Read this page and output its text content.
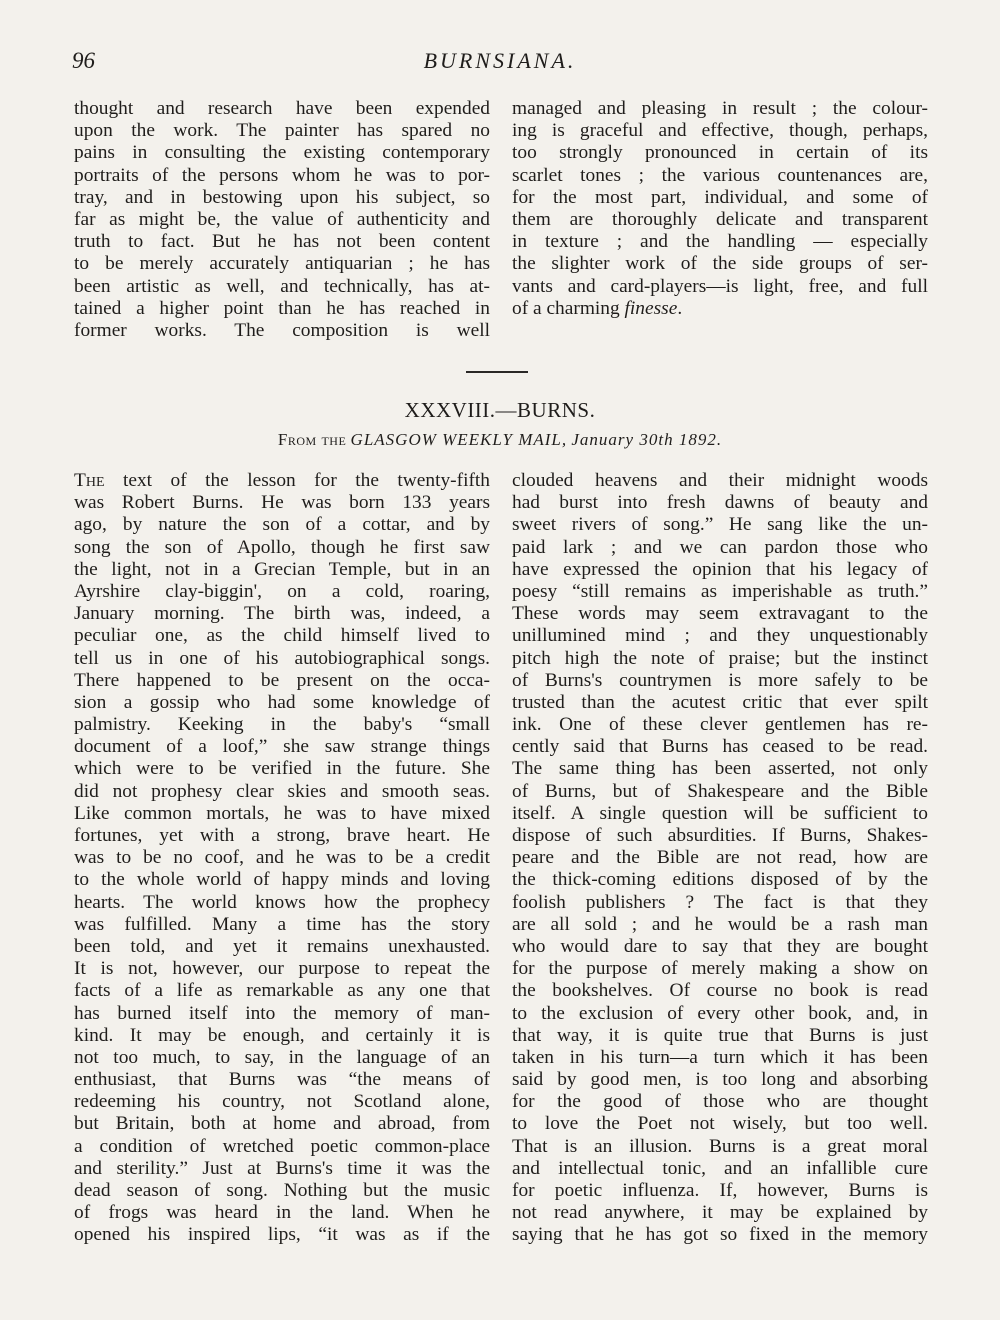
96	BURNSIANA.
thought and research have been expended
upon the work. The painter has spared no
pains in consulting the existing contemporary
portraits of the persons whom he was to por-
tray, and in bestowing upon his subject, so
far as might be, the value of authenticity and
truth to fact. But he has not been content
to be merely accurately antiquarian ; he has
been artistic as well, and technically, has at-
tained a higher point than he has reached in
former works. The composition is well
managed and pleasing in result ; the colour-
ing is graceful and effective, though, perhaps,
too strongly pronounced in certain of its
scarlet tones ; the various countenances are,
for the most part, individual, and some of
them are thoroughly delicate and transparent
in texture ; and the handling — especially
the slighter work of the side groups of ser-
vants and card-players—is light, free, and full
of a charming finesse.
XXXVIII.—BURNS.
From the GLASGOW WEEKLY MAIL, January 30th 1892.
The text of the lesson for the twenty-fifth
was Robert Burns. He was born 133 years
ago, by nature the son of a cottar, and by
song the son of Apollo, though he first saw
the light, not in a Grecian Temple, but in an
Ayrshire clay-biggin', on a cold, roaring,
January morning. The birth was, indeed, a
peculiar one, as the child himself lived to
tell us in one of his autobiographical songs.
There happened to be present on the occa-
sion a gossip who had some knowledge of
palmistry. Keeking in the baby's “small
document of a loof,” she saw strange things
which were to be verified in the future. She
did not prophesy clear skies and smooth seas.
Like common mortals, he was to have mixed
fortunes, yet with a strong, brave heart. He
was to be no coof, and he was to be a credit
to the whole world of happy minds and loving
hearts. The world knows how the prophecy
was fulfilled. Many a time has the story
been told, and yet it remains unexhausted.
It is not, however, our purpose to repeat the
facts of a life as remarkable as any one that
has burned itself into the memory of man-
kind. It may be enough, and certainly it is
not too much, to say, in the language of an
enthusiast, that Burns was “the means of
redeeming his country, not Scotland alone,
but Britain, both at home and abroad, from
a condition of wretched poetic common-place
and sterility.” Just at Burns's time it was the
dead season of song. Nothing but the music
of frogs was heard in the land. When he
opened his inspired lips, “it was as if the
clouded heavens and their midnight woods
had burst into fresh dawns of beauty and
sweet rivers of song.” He sang like the un-
paid lark ; and we can pardon those who
have expressed the opinion that his legacy of
poesy “still remains as imperishable as truth.”
These words may seem extravagant to the
unillumined mind ; and they unquestionably
pitch high the note of praise; but the instinct
of Burns's countrymen is more safely to be
trusted than the acutest critic that ever spilt
ink. One of these clever gentlemen has re-
cently said that Burns has ceased to be read.
The same thing has been asserted, not only
of Burns, but of Shakespeare and the Bible
itself. A single question will be sufficient to
dispose of such absurdities. If Burns, Shakes-
peare and the Bible are not read, how are
the thick-coming editions disposed of by the
foolish publishers ? The fact is that they
are all sold ; and he would be a rash man
who would dare to say that they are bought
for the purpose of merely making a show on
the bookshelves. Of course no book is read
to the exclusion of every other book, and, in
that way, it is quite true that Burns is just
taken in his turn—a turn which it has been
said by good men, is too long and absorbing
for the good of those who are thought
to love the Poet not wisely, but too well.
That is an illusion. Burns is a great moral
and intellectual tonic, and an infallible cure
for poetic influenza. If, however, Burns is
not read anywhere, it may be explained by
saying that he has got so fixed in the memory
